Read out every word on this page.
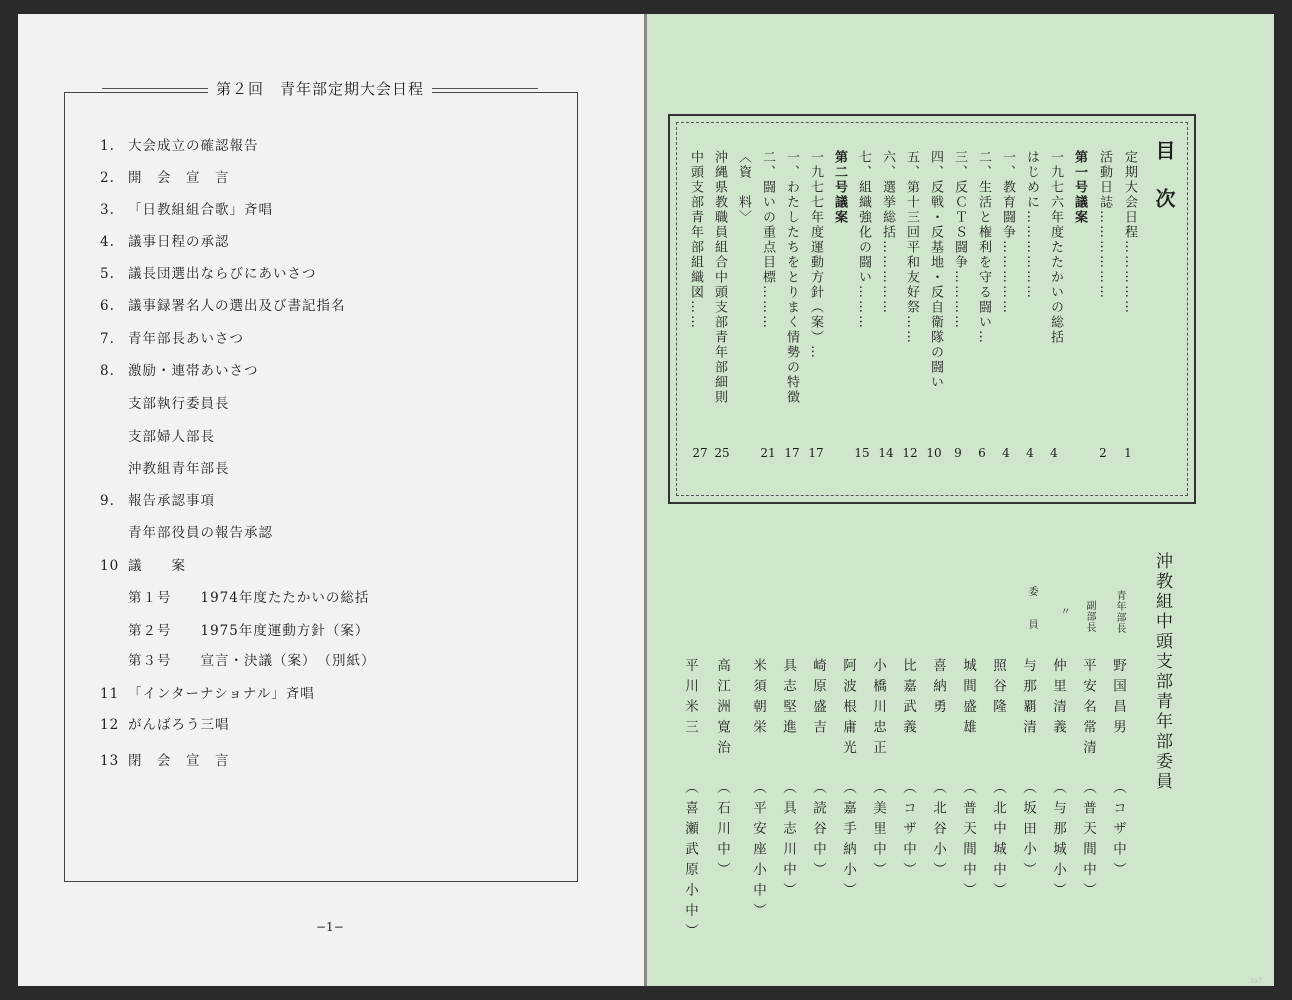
第２回　青年部定期大会日程
1. 大会成立の確認報告
2. 開　会　宣　言
3. 「日教組組合歌」斉唱
4. 議事日程の承認
5. 議長団選出ならびにあいさつ
6. 議事録署名人の選出及び書記指名
7. 青年部長あいさつ
8. 激励・連帯あいさつ
支部執行委員長
支部婦人部長
沖教組青年部長
9. 報告承認事項
青年部役員の報告承認
10 議　　案
第１号　　1974年度たたかいの総括
第２号　　1975年度運動方針（案）
第３号　　宣言・決議（案）　（別紙）
11 「インターナショナル」斉唱
12 がんばろう三唱
13 閉　会　宣　言
−1−
目次
定期大会日程……………
活動日誌………………
第一号議案
一九七六年度たたかいの総括
はじめに………………
一、教育闘争……………
二、生活と権利を守る闘い…
三、反ＣＴＳ闘争…………
四、反戦・反基地・反自衛隊の闘い
五、第十三回平和友好祭……
六、選挙総括……………
七、組織強化の闘い………
第二号議案
一九七七年度運動方針（案）…
一、わたしたちをとりまく情勢の特徴
二、闘いの重点目標………
〈資　料〉
沖縄県教職員組合中頭支部青年部細則
中頭支部青年部組織図……
1
2
4
4
4
6
9
10
12
14
15
17
17
21
25
27
沖教組中頭支部青年部委員
青年部長
副部長
〃
委　　員
野国昌男
（コザ中）
平安名常清
（普天間中）
仲里清義
（与那城小）
与那覇清
（坂田小）
照谷隆
（北中城中）
城間盛雄
（普天間中）
喜納勇
（北谷小）
比嘉武義
（コザ中）
小橋川忠正
（美里中）
阿波根庸光
（嘉手納小）
崎原盛吉
（読谷中）
具志堅進
（具志川中）
米須朝栄
（平安座小中）
高江洲寛治
（石川中）
平川米三
（喜瀬武原小中）
ﾐｮｳ
